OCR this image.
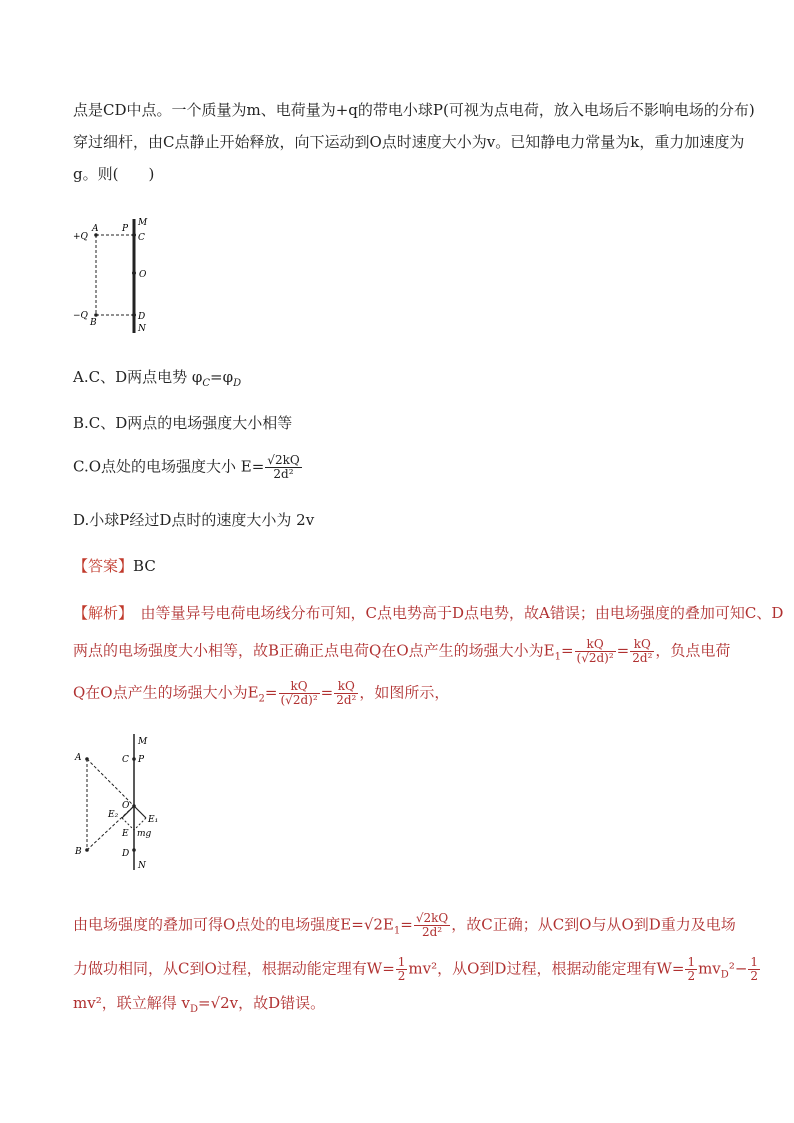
点是CD中点。一个质量为m、电荷量为+q的带电小球P(可视为点电荷，放入电场后不影响电场的分布)
穿过细杆，由C点静止开始释放，向下运动到O点时速度大小为v。已知静电力常量为k，重力加速度为
g。则(　　)
+Q
A	P
M
C
O
−Q
B
D
N
A.C、D两点电势 $\varphi_C=\varphi_D$
B.C、D两点的电场强度大小相等
C.O点处的电场强度大小 $E= \frac{√2kQ}{\text{2d²}}$
D.小球P经过D点时的速度大小为 2v
【答案】BC
【解析】　由等量异号电荷电场线分布可知，C点电势高于D点电势，故A错误；由电场强度的叠加可知C、D
两点的电场强度大小相等，故B正确正点电荷Q在O点产生的场强大小为$E_1= \frac{kQ}{\text{(√2d)²}} = \frac{kQ}{\text{2d²}}$ ，负点电荷
Q在O点产生的场强大小为$E_2= \frac{kQ}{\text{(√2d)²}} = \frac{kQ}{\text{2d²}}$ ，如图所示，
A
M
C P
O
E₂	E₁
E mg
B	D
N
由电场强度的叠加可得O点处的电场强度$E=√2E_1= \frac{√2kQ}{\text{2d²}}$ ，故C正确；从C到O与从O到D重力及电场
力做功相同，从C到O过程，根据动能定理有$W= \frac{1}{2} mv^2$，从O到D过程，根据动能定理有$W= \frac{1}{2} mv_D^2- \frac{1}{2}$
mv²，联立解得 $v_D=√2v$，故D错误。
